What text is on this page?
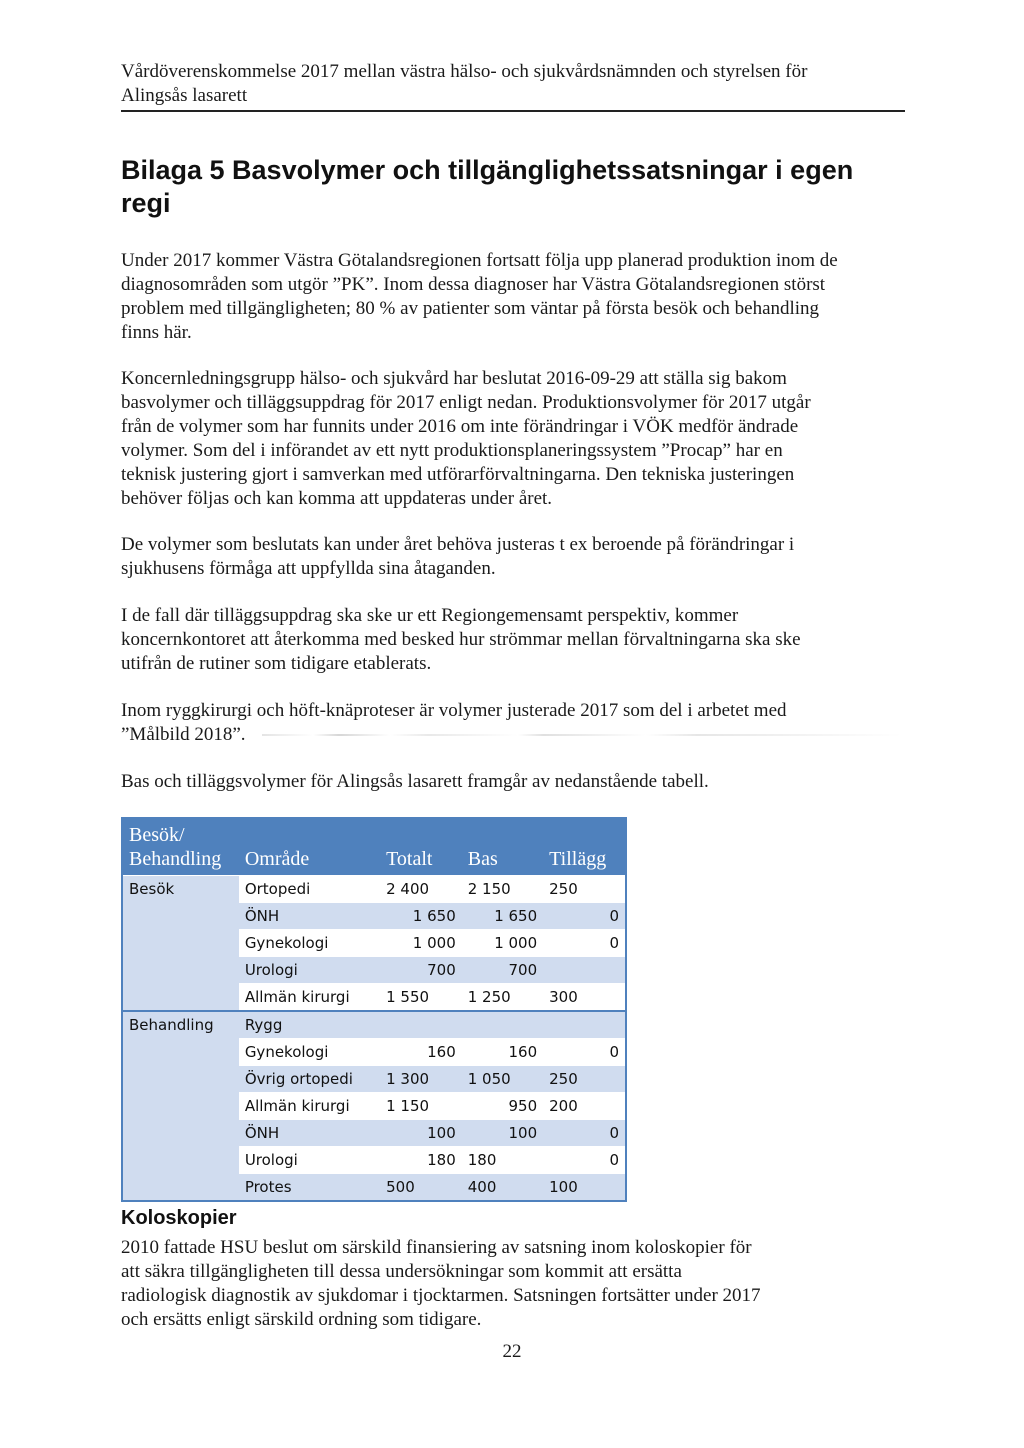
Vårdöverenskommelse 2017 mellan västra hälso- och sjukvårdsnämnden och styrelsen för
Alingsås lasarett
Bilaga 5 Basvolymer och tillgänglighetssatsningar i egen
regi
Under 2017 kommer Västra Götalandsregionen fortsatt följa upp planerad produktion inom de
diagnosområden som utgör ”PK”. Inom dessa diagnoser har Västra Götalandsregionen störst
problem med tillgängligheten; 80 % av patienter som väntar på första besök och behandling
finns här.
Koncernledningsgrupp hälso- och sjukvård har beslutat 2016-09-29 att ställa sig bakom
basvolymer och tilläggsuppdrag för 2017 enligt nedan. Produktionsvolymer för 2017 utgår
från de volymer som har funnits under 2016 om inte förändringar i VÖK medför ändrade
volymer. Som del i införandet av ett nytt produktionsplaneringssystem ”Procap” har en
teknisk justering gjort i samverkan med utförarförvaltningarna. Den tekniska justeringen
behöver följas och kan komma att uppdateras under året.
De volymer som beslutats kan under året behöva justeras t ex beroende på förändringar i
sjukhusens förmåga att uppfyllda sina åtaganden.
I de fall där tilläggsuppdrag ska ske ur ett Regiongemensamt perspektiv, kommer
koncernkontoret att återkomma med besked hur strömmar mellan förvaltningarna ska ske
utifrån de rutiner som tidigare etablerats.
Inom ryggkirurgi och höft-knäproteser är volymer justerade 2017 som del i arbetet med
”Målbild 2018”.
Bas och tilläggsvolymer för Alingsås lasarett framgår av nedanstående tabell.
Besök/
Behandling	Område	Totalt	Bas	Tillägg
Besök	Ortopedi	2 400	2 150	250
	ÖNH	1 650	1 650	0
	Gynekologi	1 000	1 000	0
	Urologi	700	700	
	Allmän kirurgi	1 550	1 250	300
Behandling	Rygg			
	Gynekologi	160	160	0
	Övrig ortopedi	1 300	1 050	250
	Allmän kirurgi	1 150	950	200
	ÖNH	100	100	0
	Urologi	180	180	0
	Protes	500	400	100
Koloskopier
2010 fattade HSU beslut om särskild finansiering av satsning inom koloskopier för
att säkra tillgängligheten till dessa undersökningar som kommit att ersätta
radiologisk diagnostik av sjukdomar i tjocktarmen. Satsningen fortsätter under 2017
och ersätts enligt särskild ordning som tidigare.
22
